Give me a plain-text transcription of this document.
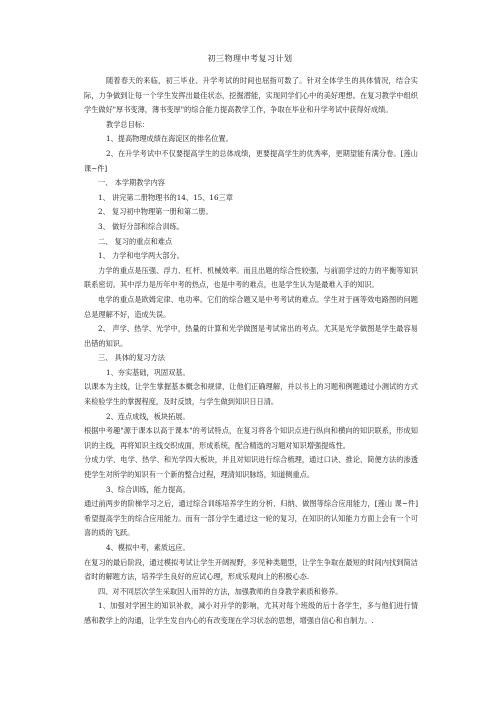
初三物理中考复习计划

随着春天的来临，初三毕业、升学考试的时间也屈指可数了。针对全体学生的具体情况，结合实际，力争做到让每一个学生发挥出最佳状态，挖掘潜能，实现同学们心中的美好理想。在复习教学中组织学生做好"厚书变薄，薄书变厚"的综合能力提高教学工作，争取在毕业和升学考试中获得好成绩。

教学总目标：

1、提高物理成绩在海淀区的排名位置。

2、在升学考试中不仅要提高学生的总体成绩，更要提高学生的优秀率，更期望能有满分卷。[莲山 课~件]

一、 本学期教学内容

1、 讲完第二册物理书的14、15、16三章

2、 复习初中物理第一册和第二册。

3、 做好分部和综合训练。

二、 复习的重点和难点

1、 力学和电学两大部分。

力学的重点是压强、浮力、杠杆、机械效率。而且出题的综合性较强，与前面学过的力的平衡等知识联系密切。其中浮力是历年中考的热点，也是中考的难点，也是学生认为是最难入手的知识。

电学的重点是欧姆定律、电功率。它们的综合题又是中考考试的难点。学生对于画等效电路图的问题总是理解不好，造成失误。

2、 声学、热学、光学中，热量的计算和光学做图是考试常出的考点。尤其是光学做图是学生最容易出错的知识。

三、 具体的复习方法

1、夯实基础，巩固双基。

以课本为主线，让学生掌握基本概念和规律，让他们正确理解，并以书上的习题和例题通过小测试的方式来检验学生的掌握程度，及时反馈，与学生做到知识日日清。

2、连点成线，板块拓展。

根据中考趣"源于课本以高于课本"的考试特点，在复习将各个知识点进行纵向和横向的知识联系，形成知识的主线，再将知识主线交织成面，形成系统，配合精选的习题对知识增强提炼性。

分成力学、电学、热学、和光学四大板块，并且对知识进行综合梳理，通过口诀、推论、简便方法的渗透使学生对所学的知识有一个新的整合过程，理清知识脉络，知道侧重点。

3、综合训练，能力提高。

通过前两步的阶梯学习之后，通过综合训练培养学生的分析、归纳、做图等综合应用能力，[莲山 课~件]希望提高学生的综合应用能力。而有一部分学生通过这一轮的复习，在知识的认知能力方面上会有一个可喜的质的飞跃。

4、模拟中考，素质远应。

在复习的最后阶段，通过模拟考试让学生开阔视野，多见种类题型，让学生争取在最短的时间内找到简洁省时的解题方法，培养学生良好的应试心理，形成乐观向上的积极心态.

四、对不同层次学生采取因人而异的方法，加强教师的自身教学素质和修养。

1、加强对学困生的知识补救，减小对升学的影响，尤其对每个班级的后十各学生，多与他们进行情感和教学上的沟通，让学生发自内心的有改变现在学习状态的思想，增强自信心和自制力。.
